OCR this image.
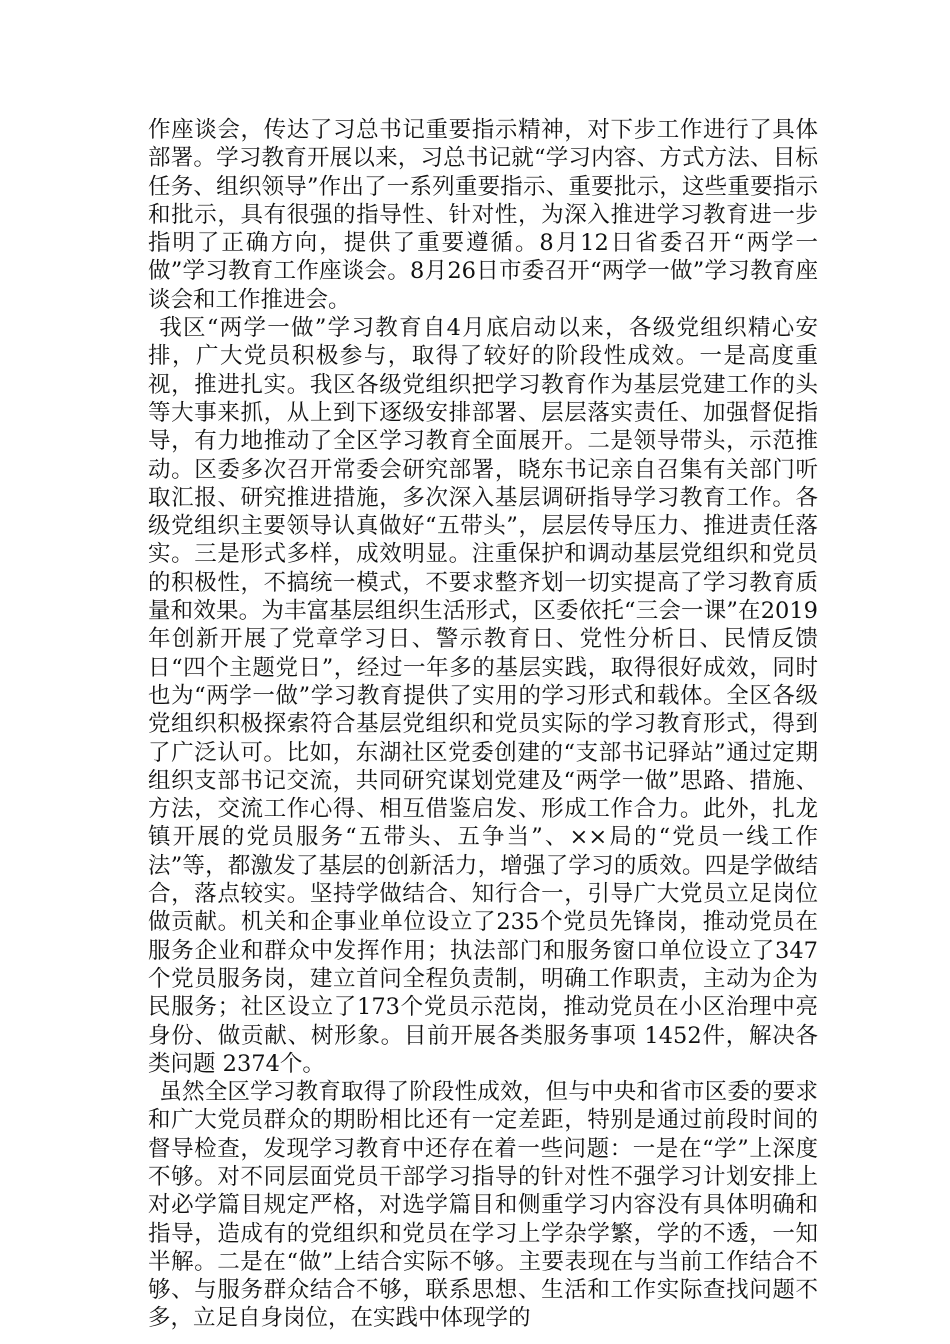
作座谈会，传达了习总书记重要指示精神，对下步工作进行了具体部署。学习教育开展以来，习总书记就“学习内容、方式方法、目标任务、组织领导”作出了一系列重要指示、重要批示，这些重要指示和批示，具有很强的指导性、针对性，为深入推进学习教育进一步指明了正确方向，提供了重要遵循。8月12日省委召开“两学一做”学习教育工作座谈会。8月26日市委召开“两学一做”学习教育座谈会和工作推进会。

我区“两学一做”学习教育自4月底启动以来，各级党组织精心安排，广大党员积极参与，取得了较好的阶段性成效。一是高度重视，推进扎实。我区各级党组织把学习教育作为基层党建工作的头等大事来抓，从上到下逐级安排部署、层层落实责任、加强督促指导，有力地推动了全区学习教育全面展开。二是领导带头，示范推动。区委多次召开常委会研究部署，晓东书记亲自召集有关部门听取汇报、研究推进措施，多次深入基层调研指导学习教育工作。各级党组织主要领导认真做好“五带头”，层层传导压力、推进责任落实。三是形式多样，成效明显。注重保护和调动基层党组织和党员的积极性，不搞统一模式，不要求整齐划一切实提高了学习教育质量和效果。为丰富基层组织生活形式，区委依托“三会一课”在2019年创新开展了党章学习日、警示教育日、党性分析日、民情反馈日“四个主题党日”，经过一年多的基层实践，取得很好成效，同时也为“两学一做”学习教育提供了实用的学习形式和载体。全区各级党组织积极探索符合基层党组织和党员实际的学习教育形式，得到了广泛认可。比如，东湖社区党委创建的“支部书记驿站”通过定期组织支部书记交流，共同研究谋划党建及“两学一做”思路、措施、方法，交流工作心得、相互借鉴启发、形成工作合力。此外，扎龙镇开展的党员服务“五带头、五争当”、××局的“党员一线工作法”等，都激发了基层的创新活力，增强了学习的质效。四是学做结合，落点较实。坚持学做结合、知行合一，引导广大党员立足岗位做贡献。机关和企事业单位设立了235个党员先锋岗，推动党员在服务企业和群众中发挥作用；执法部门和服务窗口单位设立了347个党员服务岗，建立首问全程负责制，明确工作职责，主动为企为民服务；社区设立了173个党员示范岗，推动党员在小区治理中亮身份、做贡献、树形象。目前开展各类服务事项 1452件，解决各类问题 2374个。

虽然全区学习教育取得了阶段性成效，但与中央和省市区委的要求和广大党员群众的期盼相比还有一定差距，特别是通过前段时间的督导检查，发现学习教育中还存在着一些问题：一是在“学”上深度不够。对不同层面党员干部学习指导的针对性不强学习计划安排上对必学篇目规定严格，对选学篇目和侧重学习内容没有具体明确和指导，造成有的党组织和党员在学习上学杂学繁，学的不透，一知半解。二是在“做”上结合实际不够。主要表现在与当前工作结合不够、与服务群众结合不够，联系思想、生活和工作实际查找问题不多，立足自身岗位，在实践中体现学的
